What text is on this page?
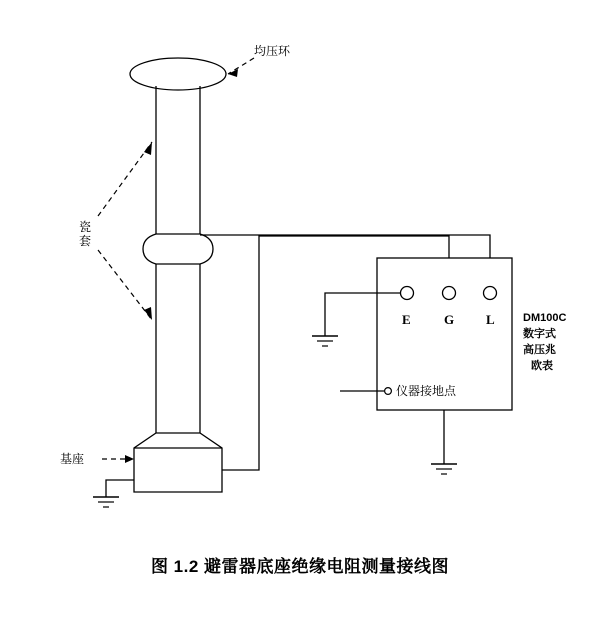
均压环
瓷
套
基座
仪器接地点
E	G L	DM100C
数字式
高压兆
欧表
图 1.2 避雷器底座绝缘电阻测量接线图
